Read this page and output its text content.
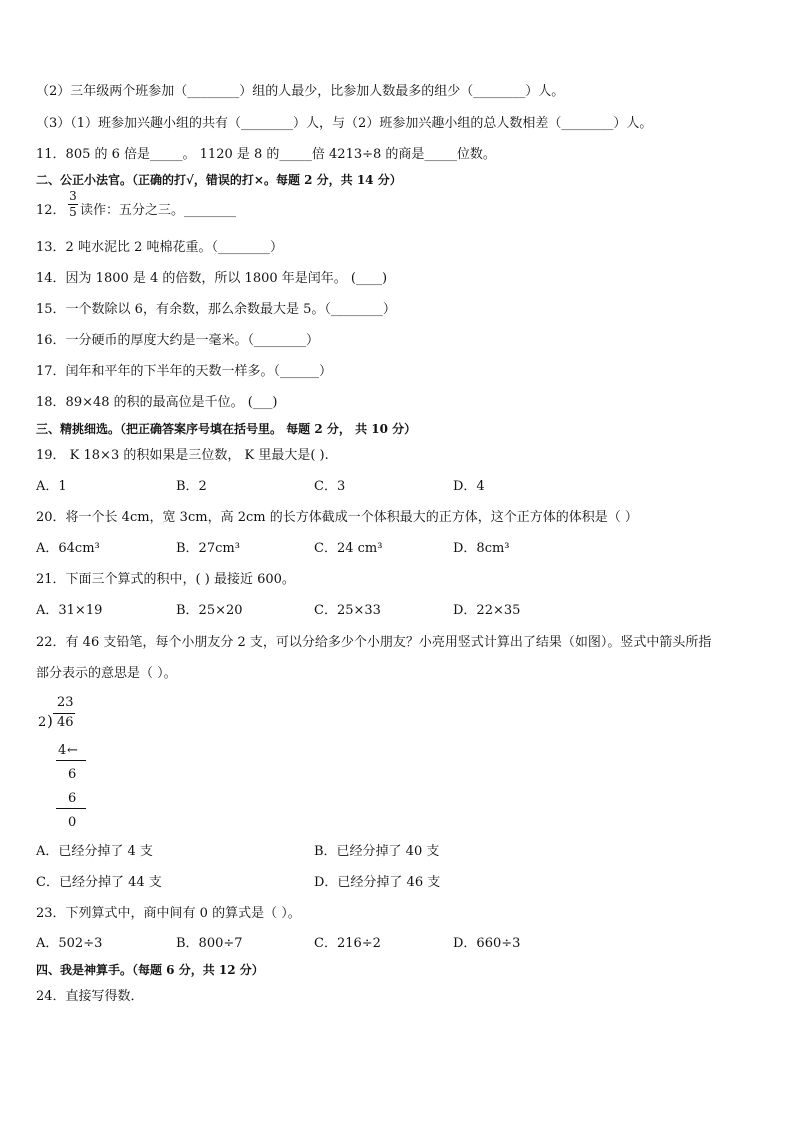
（2）三年级两个班参加（________）组的人最少，比参加人数最多的组少（________）人。
（3）（1）班参加兴趣小组的共有（________）人，与（2）班参加兴趣小组的总人数相差（________）人。
11．805 的 6 倍是_____。 1120 是 8 的_____倍 4213÷8 的商是_____位数。
二、公正小法官。（正确的打√，错误的打×。每题 2 分，共 14 分）
12．
3
5 读作：五分之三。________
13．2 吨水泥比 2 吨棉花重。（________）
14．因为 1800 是 4 的倍数，所以 1800 年是闰年。 (____)
15．一个数除以 6，有余数，那么余数最大是 5。（________）
16．一分硬币的厚度大约是一毫米。（________）
17．闰年和平年的下半年的天数一样多。（______）
18．89×48 的积的最高位是千位。 (___)
三、精挑细选。（把正确答案序号填在括号里。 每题 2 分， 共 10 分）
19． K 18×3 的积如果是三位数， K 里最大是( ).
A．1	B．2	C．3	D．4
20．将一个长 4cm，宽 3cm，高 2cm 的长方体截成一个体积最大的正方体，这个正方体的体积是（ ）
A．64cm³	B．27cm³	C．24 cm³	D．8cm³
21．下面三个算式的积中，( ) 最接近 600。
A．31×19	B．25×20	C．25×33	D．22×35
22．有 46 支铅笔，每个小朋友分 2 支，可以分给多少个小朋友？小亮用竖式计算出了结果（如图）。竖式中箭头所指
部分表示的意思是（ ）。
23
2 ) 46
4 ←
6
6
0
A．已经分掉了 4 支	B．已经分掉了 40 支
C．已经分掉了 44 支	D．已经分掉了 46 支
23．下列算式中，商中间有 0 的算式是（ ）。
A．502÷3	B．800÷7	C．216÷2	D．660÷3
四、我是神算手。（每题 6 分，共 12 分）
24．直接写得数．
